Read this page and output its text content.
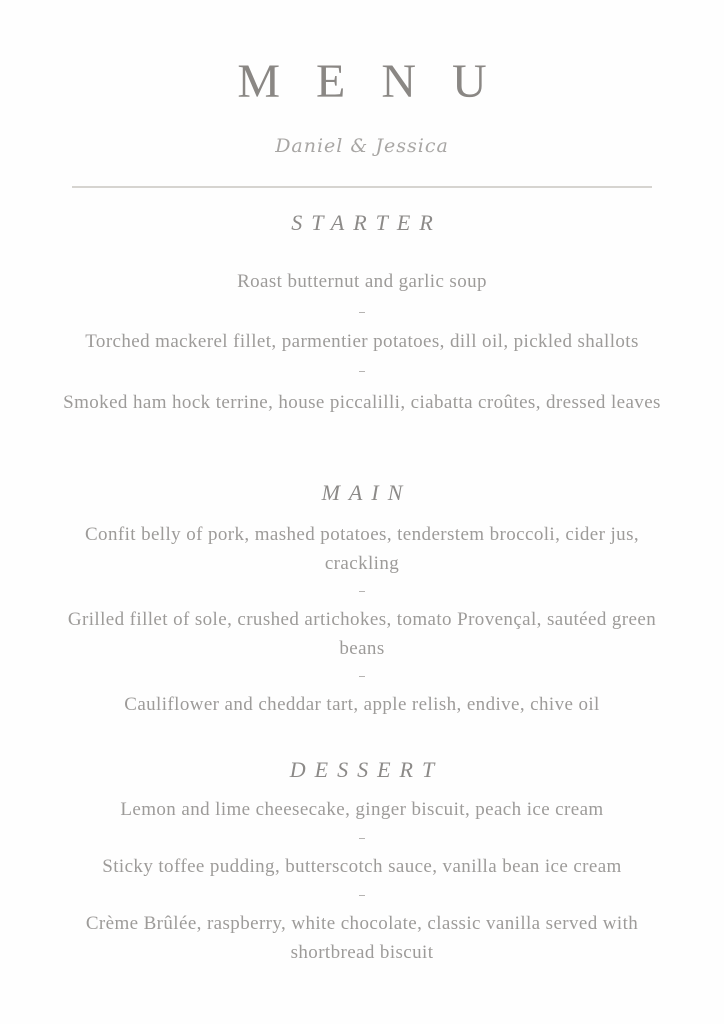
MENU
Daniel & Jessica
STARTER
Roast butternut and garlic soup
Torched mackerel fillet, parmentier potatoes, dill oil, pickled shallots
Smoked ham hock terrine, house piccalilli, ciabatta croûtes, dressed leaves
MAIN
Confit belly of pork, mashed potatoes, tenderstem broccoli, cider jus, crackling
Grilled fillet of sole, crushed artichokes, tomato Provençal, sautéed green beans
Cauliflower and cheddar tart, apple relish, endive, chive oil
DESSERT
Lemon and lime cheesecake, ginger biscuit, peach ice cream
Sticky toffee pudding, butterscotch sauce, vanilla bean ice cream
Crème Brûlée, raspberry, white chocolate, classic vanilla served with shortbread biscuit
